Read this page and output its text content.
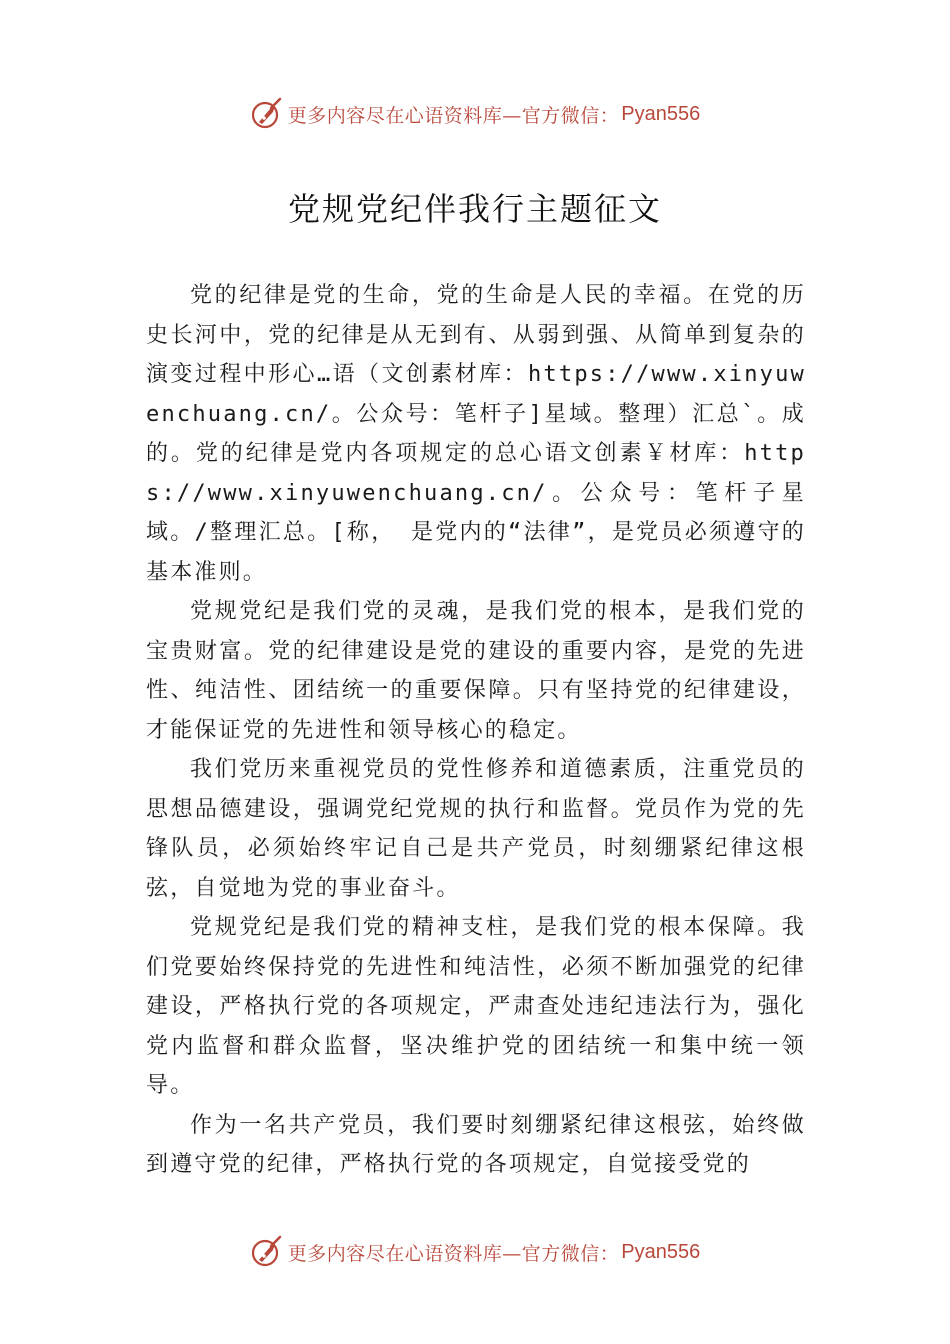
更多内容尽在心语资料库—官方微信： Pyan556
党规党纪伴我行主题征文

党的纪律是党的生命，党的生命是人民的幸福。在党的历史长河中，党的纪律是从无到有、从弱到强、从简单到复杂的演变过程中形心…语（文创素材库：https://www.xinyuwenchuang.cn/。公众号：笔杆子]星域。整理）汇总`。成的。党的纪律是党内各项规定的总心语文创素￥材库：https://www.xinyuwenchuang.cn/。公众号：笔杆子星域。/整理汇总。[称， 是党内的“法律”，是党员必须遵守的基本准则。

党规党纪是我们党的灵魂，是我们党的根本，是我们党的宝贵财富。党的纪律建设是党的建设的重要内容，是党的先进性、纯洁性、团结统一的重要保障。只有坚持党的纪律建设，才能保证党的先进性和领导核心的稳定。

我们党历来重视党员的党性修养和道德素质，注重党员的思想品德建设，强调党纪党规的执行和监督。党员作为党的先锋队员，必须始终牢记自己是共产党员，时刻绷紧纪律这根弦，自觉地为党的事业奋斗。

党规党纪是我们党的精神支柱，是我们党的根本保障。我们党要始终保持党的先进性和纯洁性，必须不断加强党的纪律建设，严格执行党的各项规定，严肃查处违纪违法行为，强化党内监督和群众监督，坚决维护党的团结统一和集中统一领导。

作为一名共产党员，我们要时刻绷紧纪律这根弦，始终做到遵守党的纪律，严格执行党的各项规定，自觉接受党的

更多内容尽在心语资料库—官方微信： Pyan556
